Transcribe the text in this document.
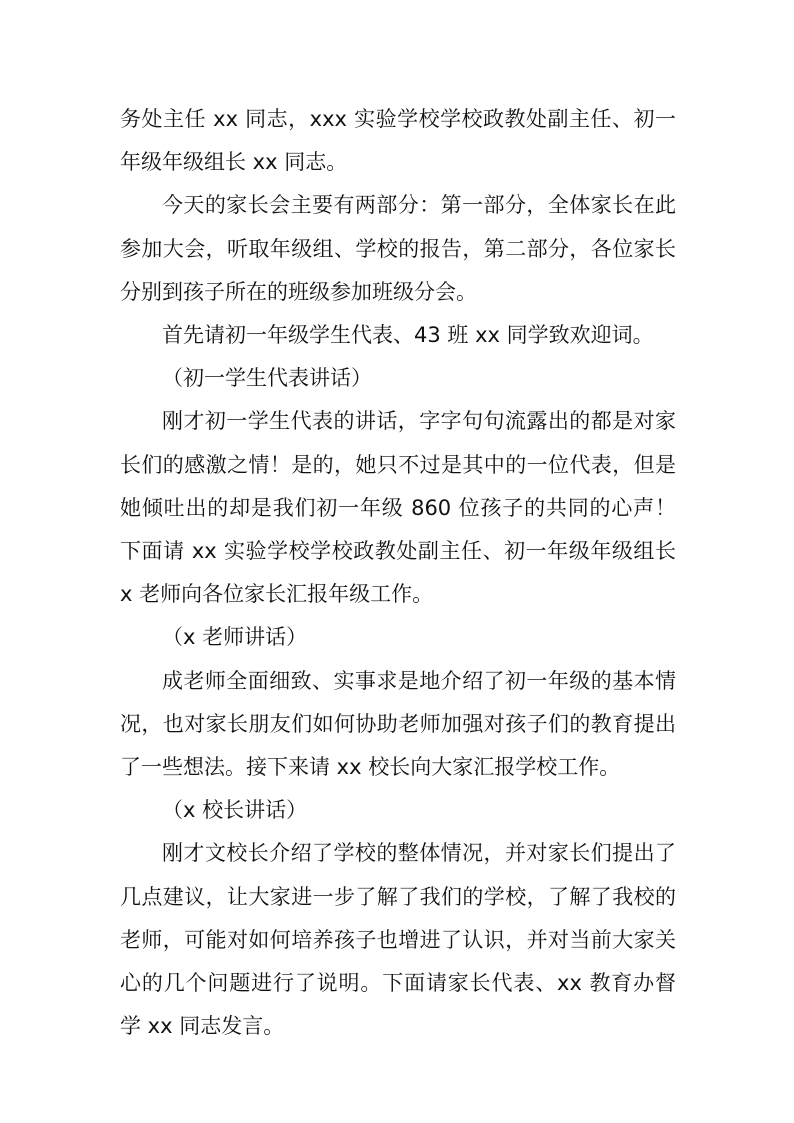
务处主任 xx 同志，xxx 实验学校学校政教处副主任、初一年级年级组长 xx 同志。

今天的家长会主要有两部分：第一部分，全体家长在此参加大会，听取年级组、学校的报告，第二部分，各位家长分别到孩子所在的班级参加班级分会。

首先请初一年级学生代表、43 班 xx 同学致欢迎词。

（初一学生代表讲话）

刚才初一学生代表的讲话，字字句句流露出的都是对家长们的感激之情！是的，她只不过是其中的一位代表，但是她倾吐出的却是我们初一年级 860 位孩子的共同的心声！下面请 xx 实验学校学校政教处副主任、初一年级年级组长 x 老师向各位家长汇报年级工作。

（x 老师讲话）

成老师全面细致、实事求是地介绍了初一年级的基本情况，也对家长朋友们如何协助老师加强对孩子们的教育提出了一些想法。接下来请 xx 校长向大家汇报学校工作。

（x 校长讲话）

刚才文校长介绍了学校的整体情况，并对家长们提出了几点建议，让大家进一步了解了我们的学校，了解了我校的老师，可能对如何培养孩子也增进了认识，并对当前大家关心的几个问题进行了说明。下面请家长代表、xx 教育办督学 xx 同志发言。
